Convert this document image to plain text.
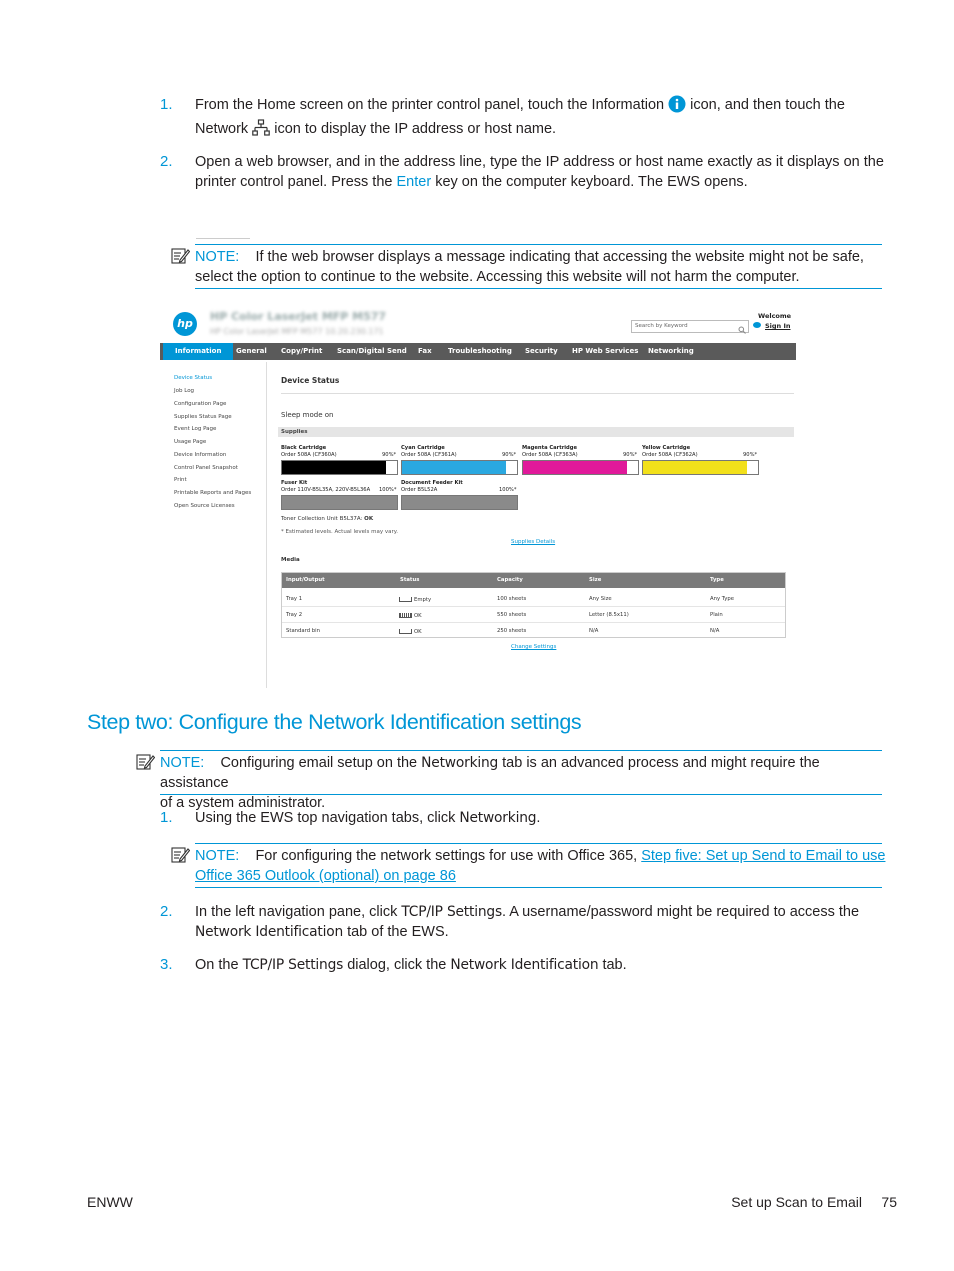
1. From the Home screen on the printer control panel, touch the Information icon, and then touch the
Network icon to display the IP address or host name.
2. Open a web browser, and in the address line, type the IP address or host name exactly as it displays on the
printer control panel. Press the Enter key on the computer keyboard. The EWS opens.
NOTE: If the web browser displays a message indicating that accessing the website might not be safe,
select the option to continue to the website. Accessing this website will not harm the computer.
hp
HP Color LaserJet MFP M577
HP Color LaserJet MFP M577 10.20.230.171
Search by Keyword
Welcome
Sign In
Information	General Copy/Print Scan/Digital Send Fax Troubleshooting Security HP Web Services Networking
Device Status
Job Log
Configuration Page
Supplies Status Page
Event Log Page
Usage Page
Device Information
Control Panel Snapshot
Print
Printable Reports and Pages
Open Source Licenses
Device Status
Sleep mode on
Supplies
Black Cartridge
Order 508A (CF360A)	90%*
Cyan Cartridge
Order 508A (CF361A)	90%*
Magenta Cartridge
Order 508A (CF363A)	90%*
Yellow Cartridge
Order 508A (CF362A)	90%*
Fuser Kit
Order 110V-B5L35A, 220V-B5L36A 100%*
Document Feeder Kit
Order B5L52A	100%*
Toner Collection Unit B5L37A: OK
* Estimated levels. Actual levels may vary.
Supplies Details
Media
Input/Output	Status	Capacity	Size	Type
Tray 1	Empty	100 sheets	Any Size	Any Type
Tray 2	OK	550 sheets	Letter (8.5x11)	Plain
Standard bin	OK	250 sheets	N/A	N/A
Change Settings
Step two: Configure the Network Identification settings
NOTE: Configuring email setup on the Networking tab is an advanced process and might require the assistance
of a system administrator.
1. Using the EWS top navigation tabs, click Networking.
NOTE: For configuring the network settings for use with Office 365, Step five: Set up Send to Email to use
Office 365 Outlook (optional) on page 86
2. In the left navigation pane, click TCP/IP Settings. A username/password might be required to access the
Network Identification tab of the EWS.
3. On the TCP/IP Settings dialog, click the Network Identification tab.
ENWW	Set up Scan to Email 75
